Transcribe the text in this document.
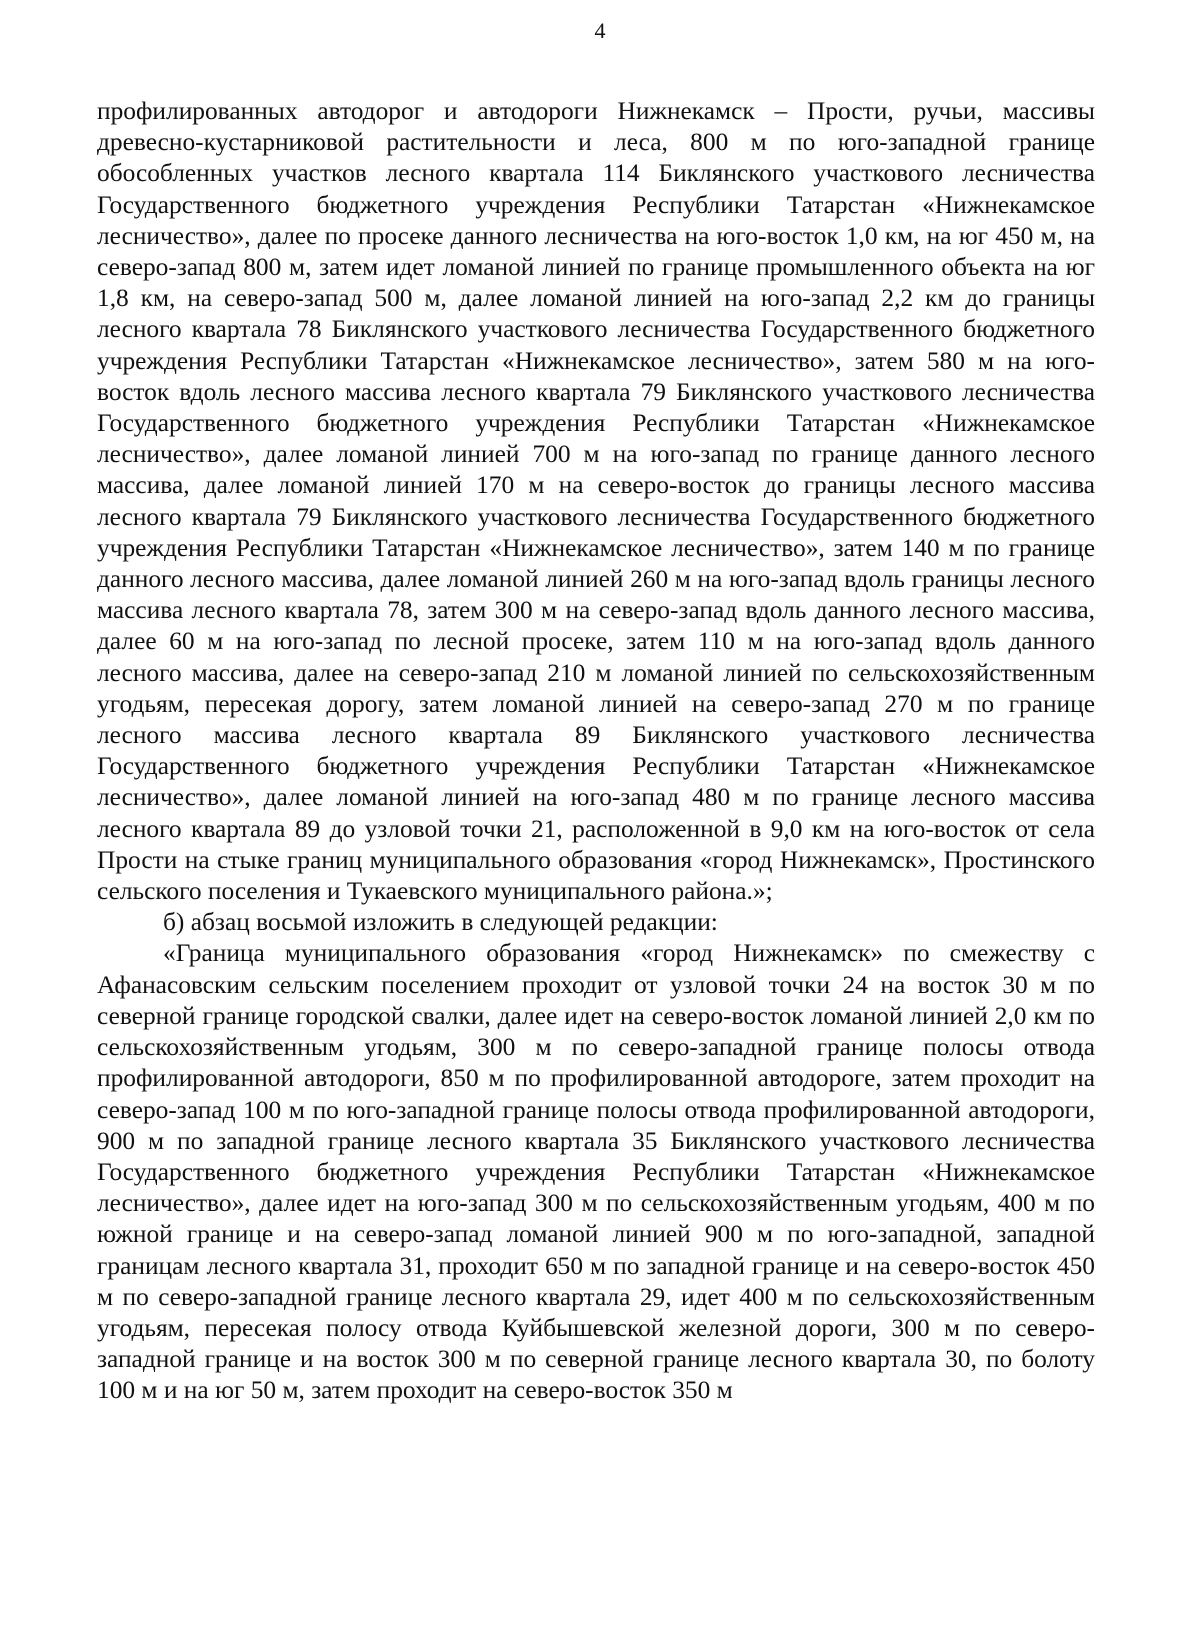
4

профилированных автодорог и автодороги Нижнекамск – Прости, ручьи, массивы древесно-кустарниковой растительности и леса, 800 м по юго-западной границе обособленных участков лесного квартала 114 Биклянского участкового лесничества Государственного бюджетного учреждения Республики Татарстан «Нижнекамское лесничество», далее по просеке данного лесничества на юго-восток 1,0 км, на юг 450 м, на северо-запад 800 м, затем идет ломаной линией по границе промышленного объекта на юг 1,8 км, на северо-запад 500 м, далее ломаной линией на юго-запад 2,2 км до границы лесного квартала 78 Биклянского участкового лесничества Государственного бюджетного учреждения Республики Татарстан «Нижнекамское лесничество», затем 580 м на юго-восток вдоль лесного массива лесного квартала 79 Биклянского участкового лесничества Государственного бюджетного учреждения Республики Татарстан «Нижнекамское лесничество», далее ломаной линией 700 м на юго-запад по границе данного лесного массива, далее ломаной линией 170 м на северо-восток до границы лесного массива лесного квартала 79 Биклянского участкового лесничества Государственного бюджетного учреждения Республики Татарстан «Нижнекамское лесничество», затем 140 м по границе данного лесного массива, далее ломаной линией 260 м на юго-запад вдоль границы лесного массива лесного квартала 78, затем 300 м на северо-запад вдоль данного лесного массива, далее 60 м на юго-запад по лесной просеке, затем 110 м на юго-запад вдоль данного лесного массива, далее на северо-запад 210 м ломаной линией по сельскохозяйственным угодьям, пересекая дорогу, затем ломаной линией на северо-запад 270 м по границе лесного массива лесного квартала 89 Биклянского участкового лесничества Государственного бюджетного учреждения Республики Татарстан «Нижнекамское лесничество», далее ломаной линией на юго-запад 480 м по границе лесного массива лесного квартала 89 до узловой точки 21, расположенной в 9,0 км на юго-восток от села Прости на стыке границ муниципального образования «город Нижнекамск», Простинского сельского поселения и Тукаевского муниципального района.»;

б) абзац восьмой изложить в следующей редакции:

«Граница муниципального образования «город Нижнекамск» по смежеству с Афанасовским сельским поселением проходит от узловой точки 24 на восток 30 м по северной границе городской свалки, далее идет на северо-восток ломаной линией 2,0 км по сельскохозяйственным угодьям, 300 м по северо-западной границе полосы отвода профилированной автодороги, 850 м по профилированной автодороге, затем проходит на северо-запад 100 м по юго-западной границе полосы отвода профилированной автодороги, 900 м по западной границе лесного квартала 35 Биклянского участкового лесничества Государственного бюджетного учреждения Республики Татарстан «Нижнекамское лесничество», далее идет на юго-запад 300 м по сельскохозяйственным угодьям, 400 м по южной границе и на северо-запад ломаной линией 900 м по юго-западной, западной границам лесного квартала 31, проходит 650 м по западной границе и на северо-восток 450 м по северо-западной границе лесного квартала 29, идет 400 м по сельскохозяйственным угодьям, пересекая полосу отвода Куйбышевской железной дороги, 300 м по северо-западной границе и на восток 300 м по северной границе лесного квартала 30, по болоту 100 м и на юг 50 м, затем проходит на северо-восток 350 м
